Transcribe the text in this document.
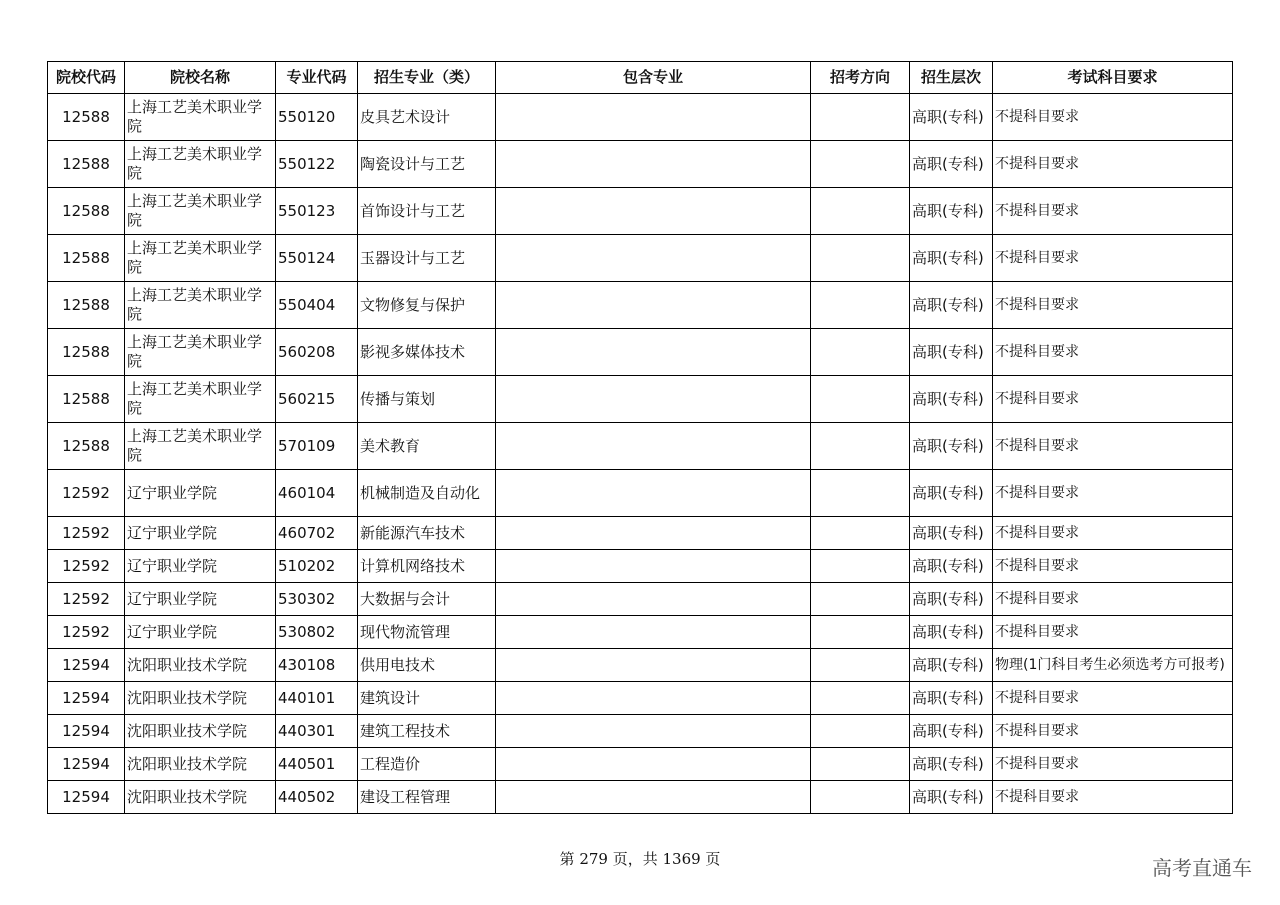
院校代码	院校名称	专业代码	招生专业（类）	包含专业	招考方向	招生层次	考试科目要求
12588	上海工艺美术职业学院	550120	皮具艺术设计			高职(专科)	不提科目要求
12588	上海工艺美术职业学院	550122	陶瓷设计与工艺			高职(专科)	不提科目要求
12588	上海工艺美术职业学院	550123	首饰设计与工艺			高职(专科)	不提科目要求
12588	上海工艺美术职业学院	550124	玉器设计与工艺			高职(专科)	不提科目要求
12588	上海工艺美术职业学院	550404	文物修复与保护			高职(专科)	不提科目要求
12588	上海工艺美术职业学院	560208	影视多媒体技术			高职(专科)	不提科目要求
12588	上海工艺美术职业学院	560215	传播与策划			高职(专科)	不提科目要求
12588	上海工艺美术职业学院	570109	美术教育			高职(专科)	不提科目要求
12592	辽宁职业学院	460104	机械制造及自动化			高职(专科)	不提科目要求
12592	辽宁职业学院	460702	新能源汽车技术			高职(专科)	不提科目要求
12592	辽宁职业学院	510202	计算机网络技术			高职(专科)	不提科目要求
12592	辽宁职业学院	530302	大数据与会计			高职(专科)	不提科目要求
12592	辽宁职业学院	530802	现代物流管理			高职(专科)	不提科目要求
12594	沈阳职业技术学院	430108	供用电技术			高职(专科)	物理(1门科目考生必须选考方可报考)
12594	沈阳职业技术学院	440101	建筑设计			高职(专科)	不提科目要求
12594	沈阳职业技术学院	440301	建筑工程技术			高职(专科)	不提科目要求
12594	沈阳职业技术学院	440501	工程造价			高职(专科)	不提科目要求
12594	沈阳职业技术学院	440502	建设工程管理			高职(专科)	不提科目要求
第 279 页，共 1369 页	高考直通车
